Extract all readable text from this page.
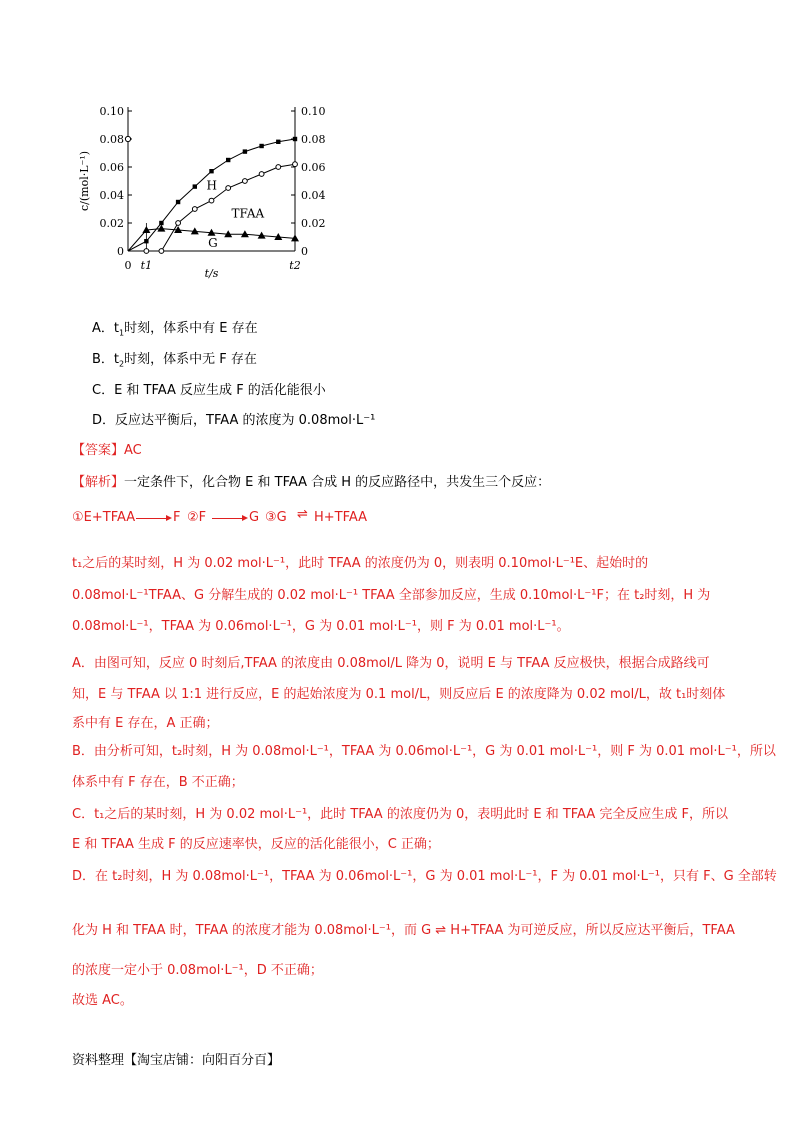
0
0.02
0.04
0.06
0.08
0.10
0
0.02
0.04
0.06
0.08
0.10
0 t1	t2
t/s
c/(mol·L⁻¹)	H
TFAA
G
A．$t_1$时刻，体系中有 E 存在
B．$t_2$时刻，体系中无 F 存在
C．E 和 TFAA 反应生成 F 的活化能很小
D．反应达平衡后，TFAA 的浓度为 0.08mol·L⁻¹
【答案】AC
【解析】一定条件下，化合物 E 和 TFAA 合成 H 的反应路径中，共发生三个反应：
①E+TFAA	F ②F	G ③G ⇌ H+TFAA
t₁之后的某时刻，H 为 0.02 mol·L⁻¹，此时 TFAA 的浓度仍为 0，则表明 0.10mol·L⁻¹E、起始时的
0.08mol·L⁻¹TFAA、G 分解生成的 0.02 mol·L⁻¹ TFAA 全部参加反应，生成 0.10mol·L⁻¹F；在 t₂时刻，H 为
0.08mol·L⁻¹，TFAA 为 0.06mol·L⁻¹，G 为 0.01 mol·L⁻¹，则 F 为 0.01 mol·L⁻¹。
A．由图可知，反应 0 时刻后,TFAA 的浓度由 0.08mol/L 降为 0，说明 E 与 TFAA 反应极快，根据合成路线可
知，E 与 TFAA 以 1:1 进行反应，E 的起始浓度为 0.1 mol/L，则反应后 E 的浓度降为 0.02 mol/L，故 t₁时刻体
系中有 E 存在，A 正确；
B．由分析可知，t₂时刻，H 为 0.08mol·L⁻¹，TFAA 为 0.06mol·L⁻¹，G 为 0.01 mol·L⁻¹，则 F 为 0.01 mol·L⁻¹，所以
体系中有 F 存在，B 不正确；
C．t₁之后的某时刻，H 为 0.02 mol·L⁻¹，此时 TFAA 的浓度仍为 0，表明此时 E 和 TFAA 完全反应生成 F，所以
E 和 TFAA 生成 F 的反应速率快，反应的活化能很小，C 正确；
D．在 t₂时刻，H 为 0.08mol·L⁻¹，TFAA 为 0.06mol·L⁻¹，G 为 0.01 mol·L⁻¹，F 为 0.01 mol·L⁻¹，只有 F、G 全部转
化为 H 和 TFAA 时，TFAA 的浓度才能为 0.08mol·L⁻¹，而 G ⇌ H+TFAA 为可逆反应，所以反应达平衡后，TFAA
的浓度一定小于 0.08mol·L⁻¹，D 不正确；
故选 AC。
资料整理【淘宝店铺：向阳百分百】
